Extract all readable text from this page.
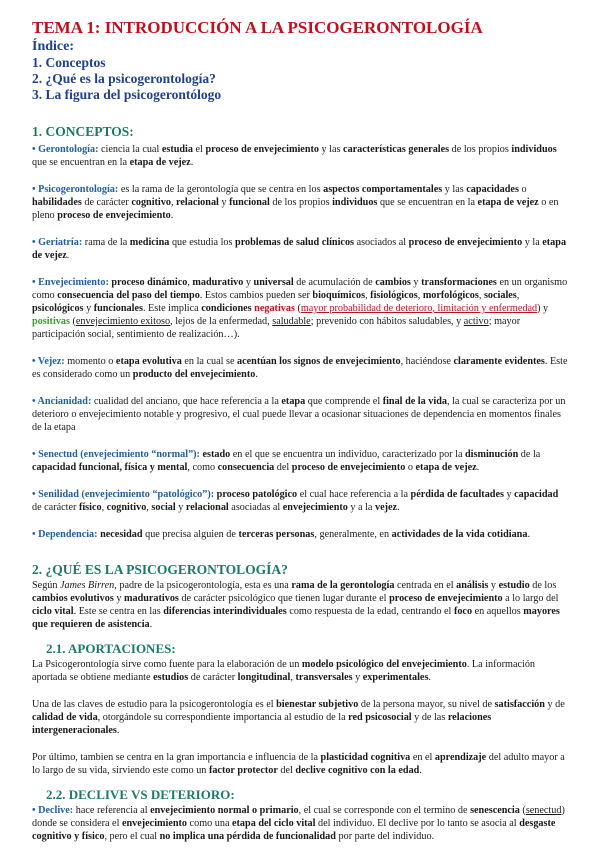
TEMA 1: INTRODUCCIÓN A LA PSICOGERONTOLOGÍA
Índice:
1. Conceptos
2. ¿Qué es la psicogerontología?
3. La figura del psicogerontólogo
1. CONCEPTOS:

• Gerontología: ciencia la cual estudia el proceso de envejecimiento y las características generales de los propios individuos que se encuentran en la etapa de vejez.

• Psicogerontología: es la rama de la gerontología que se centra en los aspectos comportamentales y las capacidades o habilidades de carácter cognitivo, relacional y funcional de los propios individuos que se encuentran en la etapa de vejez o en pleno proceso de envejecimiento.

• Geriatría: rama de la medicina que estudia los problemas de salud clínicos asociados al proceso de envejecimiento y la etapa de vejez.

• Envejecimiento: proceso dinámico, madurativo y universal de acumulación de cambios y transformaciones en un organismo como consecuencia del paso del tiempo. Estos cambios pueden ser bioquímicos, fisiológicos, morfológicos, sociales, psicológicos y funcionales. Este implica condiciones negativas (mayor probabilidad de deterioro, limitación y enfermedad) y positivas (envejecimiento exitoso, lejos de la enfermedad, saludable; prevenido con hábitos saludables, y activo; mayor participación social, sentimiento de realización…).

• Vejez: momento o etapa evolutiva en la cual se acentúan los signos de envejecimiento, haciéndose claramente evidentes. Este es considerado como un producto del envejecimiento.

• Ancianidad: cualidad del anciano, que hace referencia a la etapa que comprende el final de la vida, la cual se caracteriza por un deterioro o envejecimiento notable y progresivo, el cual puede llevar a ocasionar situaciones de dependencia en momentos finales de la etapa

• Senectud (envejecimiento “normal”): estado en el que se encuentra un individuo, caracterizado por la disminución de la capacidad funcional, física y mental, como consecuencia del proceso de envejecimiento o etapa de vejez.

• Senilidad (envejecimiento “patológico”): proceso patológico el cual hace referencia a la pérdida de facultades y capacidad de carácter físico, cognitivo, social y relacional asociadas al envejecimiento y a la vejez.

• Dependencia: necesidad que precisa alguien de terceras personas, generalmente, en actividades de la vida cotidiana.

2. ¿QUÉ ES LA PSICOGERONTOLOGÍA?

Según James Birren, padre de la psicogerontología, esta es una rama de la gerontología centrada en el análisis y estudio de los cambios evolutivos y madurativos de carácter psicológico que tienen lugar durante el proceso de envejecimiento a lo largo del ciclo vital. Este se centra en las diferencias interindividuales como respuesta de la edad, centrando el foco en aquellos mayores que requieren de asistencia.

2.1. APORTACIONES:

La Psicogerontología sirve como fuente para la elaboración de un modelo psicológico del envejecimiento. La información aportada se obtiene mediante estudios de carácter longitudinal, transversales y experimentales.

Una de las claves de estudio para la psicogerontología es el bienestar subjetivo de la persona mayor, su nivel de satisfacción y de calidad de vida, otorgándole su correspondiente importancia al estudio de la red psicosocial y de las relaciones intergeneracionales.

Por último, tambien se centra en la gran importancia e influencia de la plasticidad cognitiva en el aprendizaje del adulto mayor a lo largo de su vida, sirviendo este como un factor protector del declive cognitivo con la edad.

2.2. DECLIVE VS DETERIORO:

• Declive: hace referencia al envejecimiento normal o primario, el cual se corresponde con el termino de senescencia (senectud) donde se considera el envejecimiento como una etapa del ciclo vital del individuo. El declive por lo tanto se asocia al desgaste cognitivo y físico, pero el cual no implica una pérdida de funcionalidad por parte del individuo.
